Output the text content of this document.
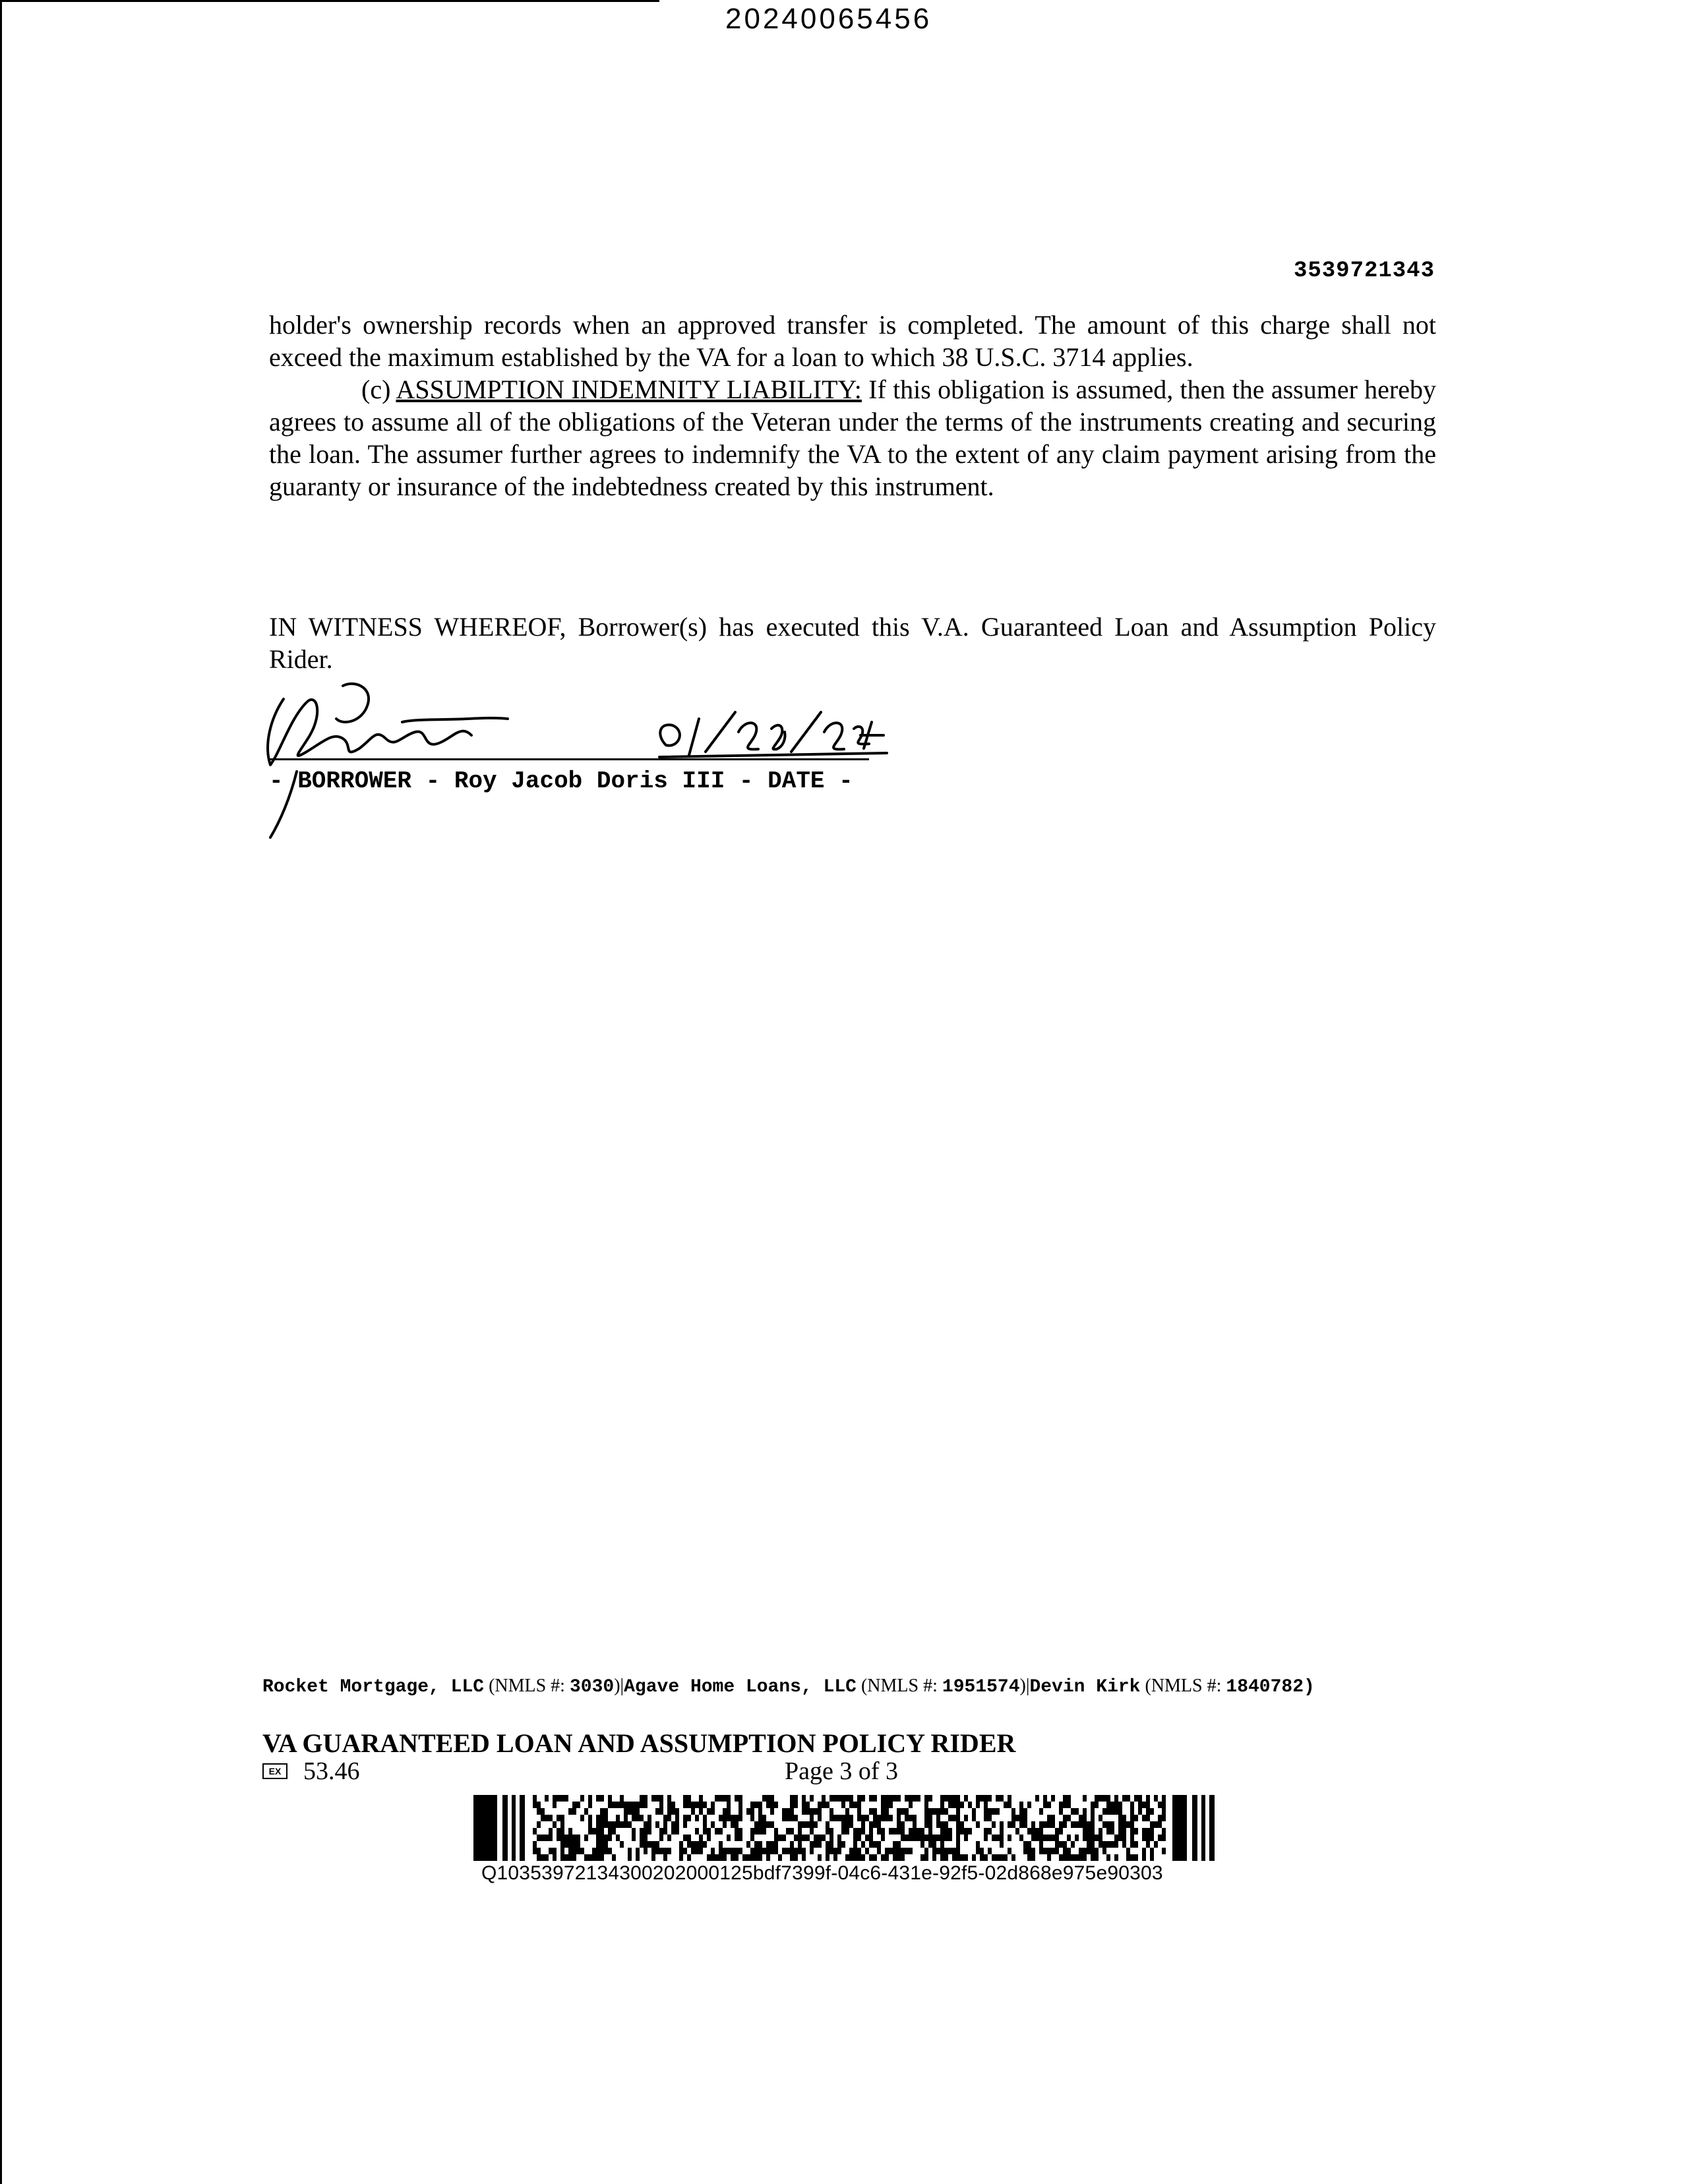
20240065456
3539721343

holder's ownership records when an approved transfer is completed. The amount of this charge shall not exceed the maximum established by the VA for a loan to which 38 U.S.C. 3714 applies.

(c) ASSUMPTION INDEMNITY LIABILITY: If this obligation is assumed, then the assumer hereby agrees to assume all of the obligations of the Veteran under the terms of the instruments creating and securing the loan. The assumer further agrees to indemnify the VA to the extent of any claim payment arising from the guaranty or insurance of the indebtedness created by this instrument.

IN WITNESS WHEREOF, Borrower(s) has executed this V.A. Guaranteed Loan and Assumption Policy Rider.
- BORROWER - Roy Jacob Doris III - DATE -
Rocket Mortgage, LLC (NMLS #: 3030)|Agave Home Loans, LLC (NMLS #: 1951574)|Devin Kirk (NMLS #: 1840782)
VA GUARANTEED LOAN AND ASSUMPTION POLICY RIDER
EX 53.46	Page 3 of 3
Q10353972134300202000125bdf7399f-04c6-431e-92f5-02d868e975e90303
